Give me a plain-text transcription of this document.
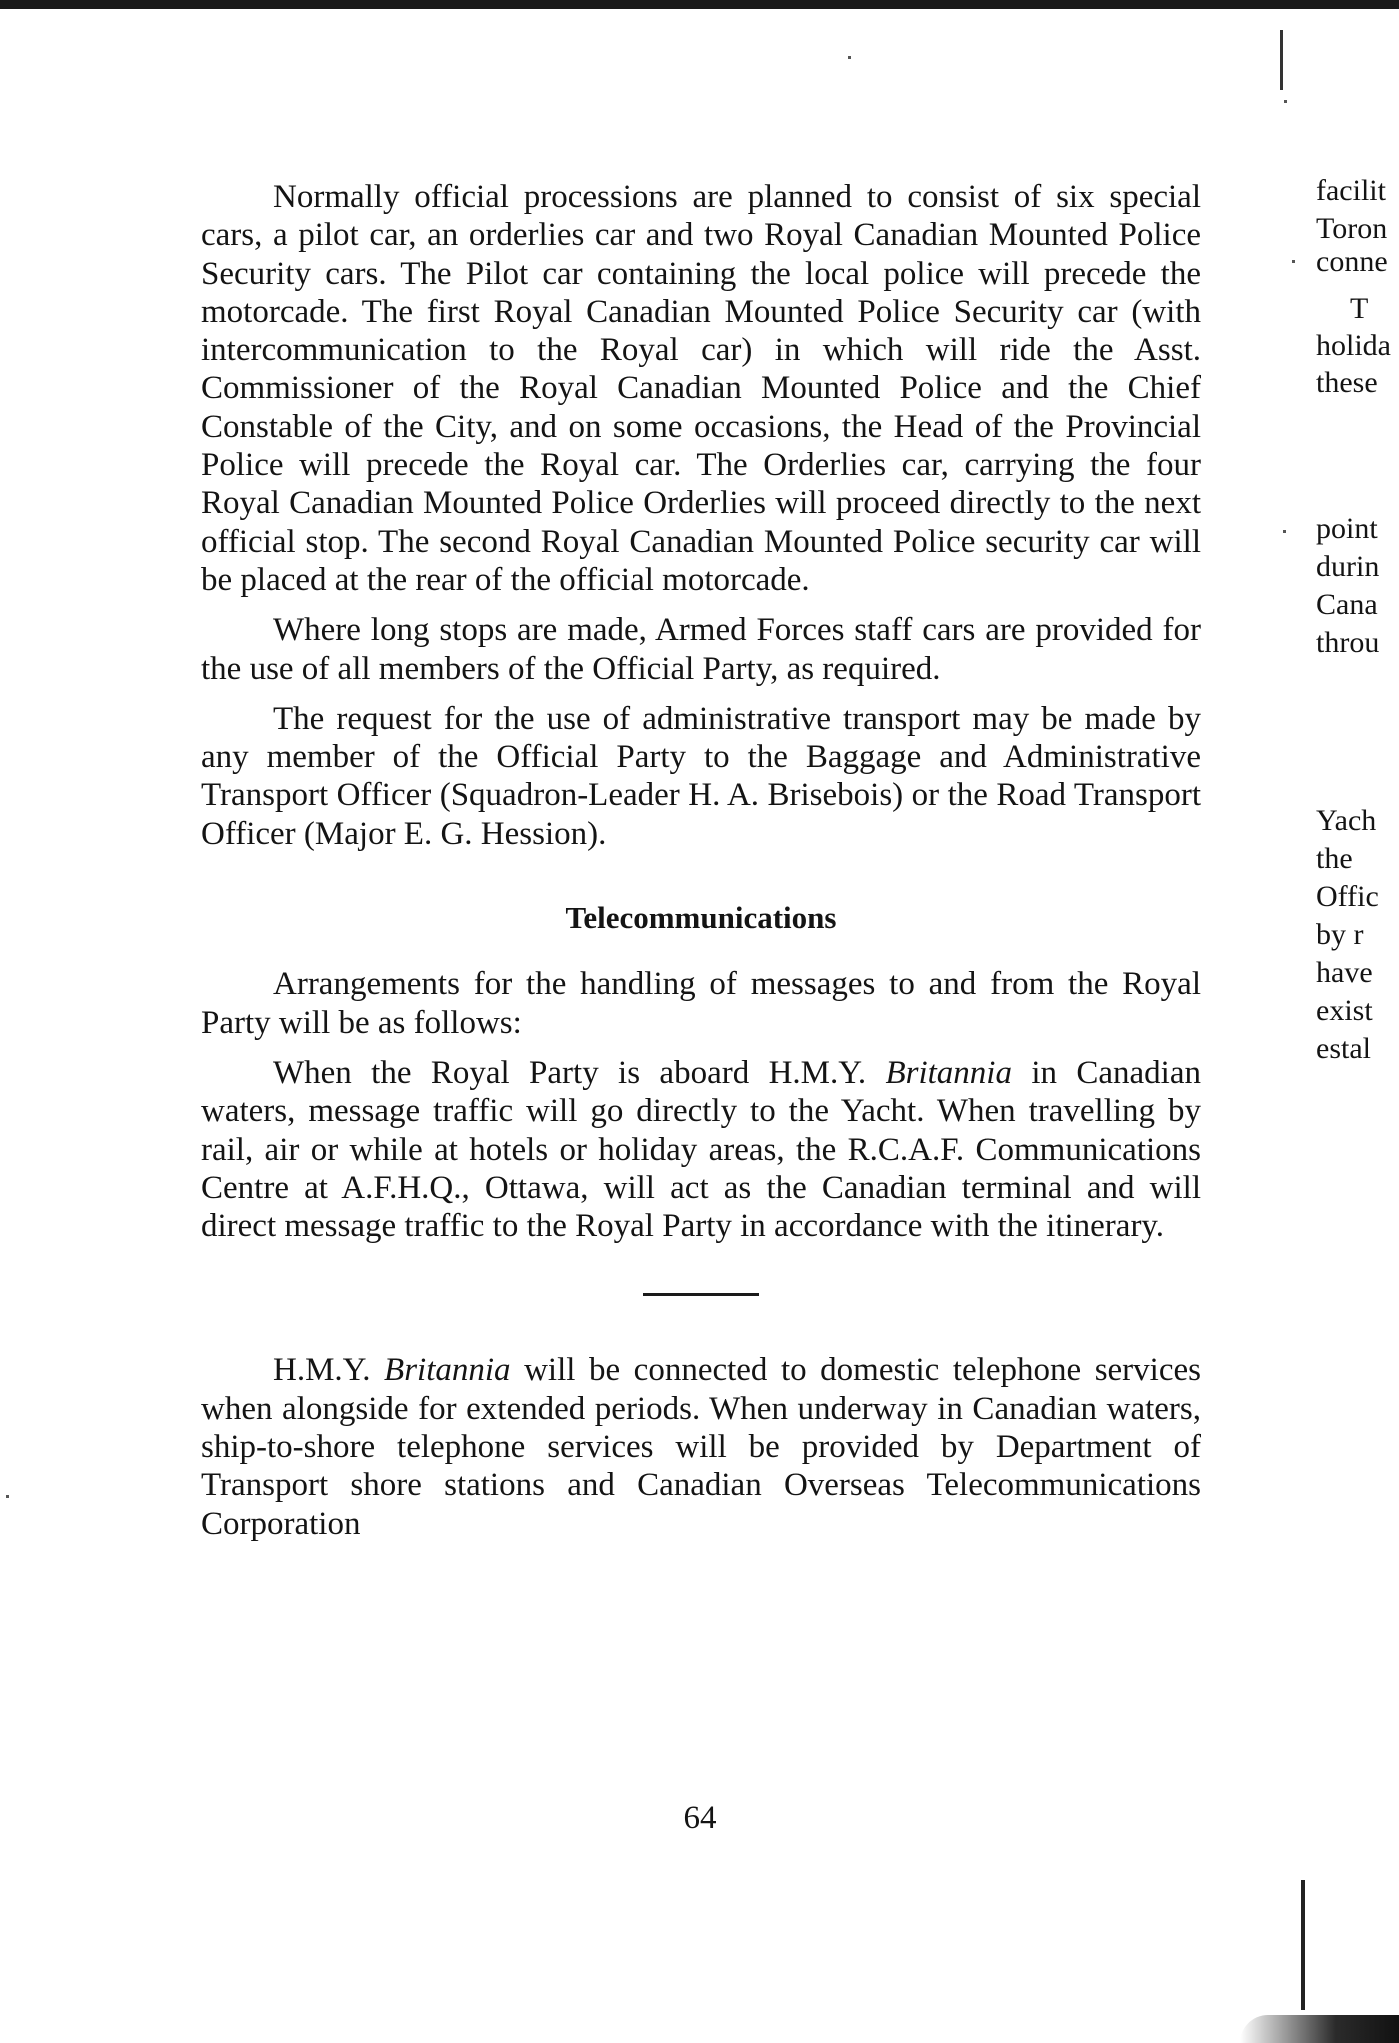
Normally official processions are planned to consist of six special cars, a pilot car, an orderlies car and two Royal Canadian Mounted Police Security cars. The Pilot car containing the local police will precede the motorcade. The first Royal Canadian Mounted Police Security car (with intercommunication to the Royal car) in which will ride the Asst. Commissioner of the Royal Canadian Mounted Police and the Chief Constable of the City, and on some occasions, the Head of the Provincial Police will precede the Royal car. The Orderlies car, carrying the four Royal Canadian Mounted Police Orderlies will proceed directly to the next official stop. The second Royal Canadian Mounted Police security car will be placed at the rear of the official motorcade.

Where long stops are made, Armed Forces staff cars are provided for the use of all members of the Official Party, as required.

The request for the use of administrative transport may be made by any member of the Official Party to the Baggage and Administrative Transport Officer (Squadron-Leader H. A. Brisebois) or the Road Transport Officer (Major E. G. Hession).

Telecommunications

Arrangements for the handling of messages to and from the Royal Party will be as follows:

When the Royal Party is aboard H.M.Y. Britannia in Canadian waters, message traffic will go directly to the Yacht. When travelling by rail, air or while at hotels or holiday areas, the R.C.A.F. Communications Centre at A.F.H.Q., Ottawa, will act as the Canadian terminal and will direct message traffic to the Royal Party in accordance with the itinerary.

H.M.Y. Britannia will be connected to domestic telephone services when alongside for extended periods. When underway in Canadian waters, ship-to-shore telephone services will be provided by Department of Transport shore stations and Canadian Overseas Telecommunications Corporation

64
facilit
Toron
conne
T
holida
these
point
durin
Cana
throu
Yach
the
Offic
by r
have
exist
estal
